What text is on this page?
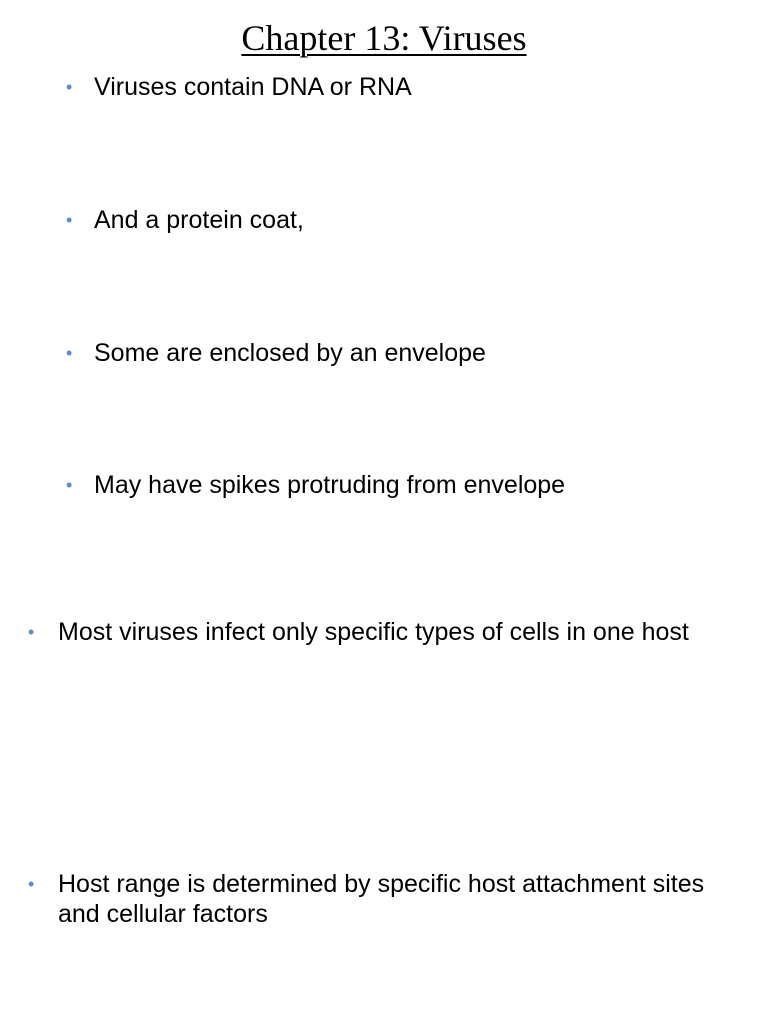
Chapter 13: Viruses
• Viruses contain DNA or RNA
• And a protein coat,
• Some are enclosed by an envelope
• May have spikes protruding from envelope
• Most viruses infect only specific types of cells in one host
• Host range is determined by specific host attachment sites and cellular factors
